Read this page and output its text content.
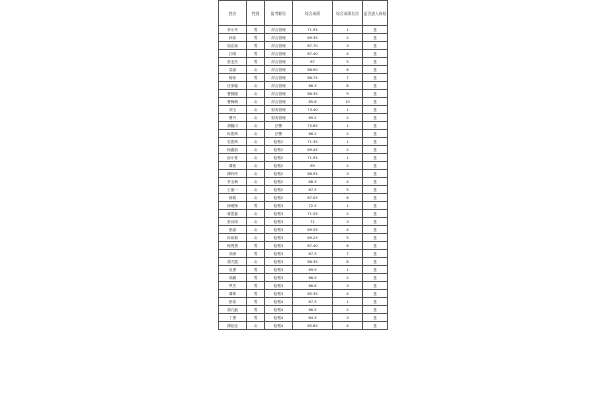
姓名	性别	报考职位	综合成绩	综合成绩名次	是否进入体检
李小丹	男	综合管理	71.95	1	是
孙伟	男	综合管理	69.35	2	是
周弘扬	男	综合管理	67.70	3	是
江晴	男	综合管理	67.40	4	是
张亚杰	男	综合管理	67	5	是
袁丽	女	综合管理	66.90	6	是
杨伟	男	综合管理	66.75	7	是
任家璇	女	综合管理	66.3	8	是
曹圆媛	女	综合管理	66.35	9	是
曹梅梅	女	综合管理	65.6	10	是
刘玉	女	财务管理	73.40	1	是
曹丹	女	财务管理	69.2	2	是
胡毓川	女	法警	75.65	1	是
冉思琦	女	法警	66.2	2	是
吴思琦	女	检察1	71.35	1	是
杨鑫怡	女	检察1	69.45	2	是
邱小青	女	检察2	71.95	1	是
谭茜	女	检察2	69	2	是
谭玲玲	女	检察2	68.95	3	是
李玉梅	女	检察2	68.3	4	是
王丽一	女	检察2	67.5	5	是
蒋莉	女	检察2	67.05	6	是
徐明锋	男	检察3	72.5	1	是
蒋思嘉	女	检察3	71.55	2	是
张诗琪	女	检察3	71	3	是
张丽	女	检察3	69.55	4	是
冉伟莉	女	检察3	69.25	5	是
杨贤勇	男	检察3	67.40	6	是
刘涛	男	检察3	67.3	7	是
胡方霞	女	检察3	66.35	8	是
吴勇	男	检察3	69.9	1	是
冉鹏	男	检察3	66.9	2	是
罗杰	男	检察3	66.6	3	是
谭坤	男	检察3	65.35	4	是
彭伟	男	检察4	67.3	1	是
胡亢毅	男	检察4	66.5	2	是
丁勇	男	检察4	64.3	3	是
谭佳佳	女	检察4	65.85	4	是
